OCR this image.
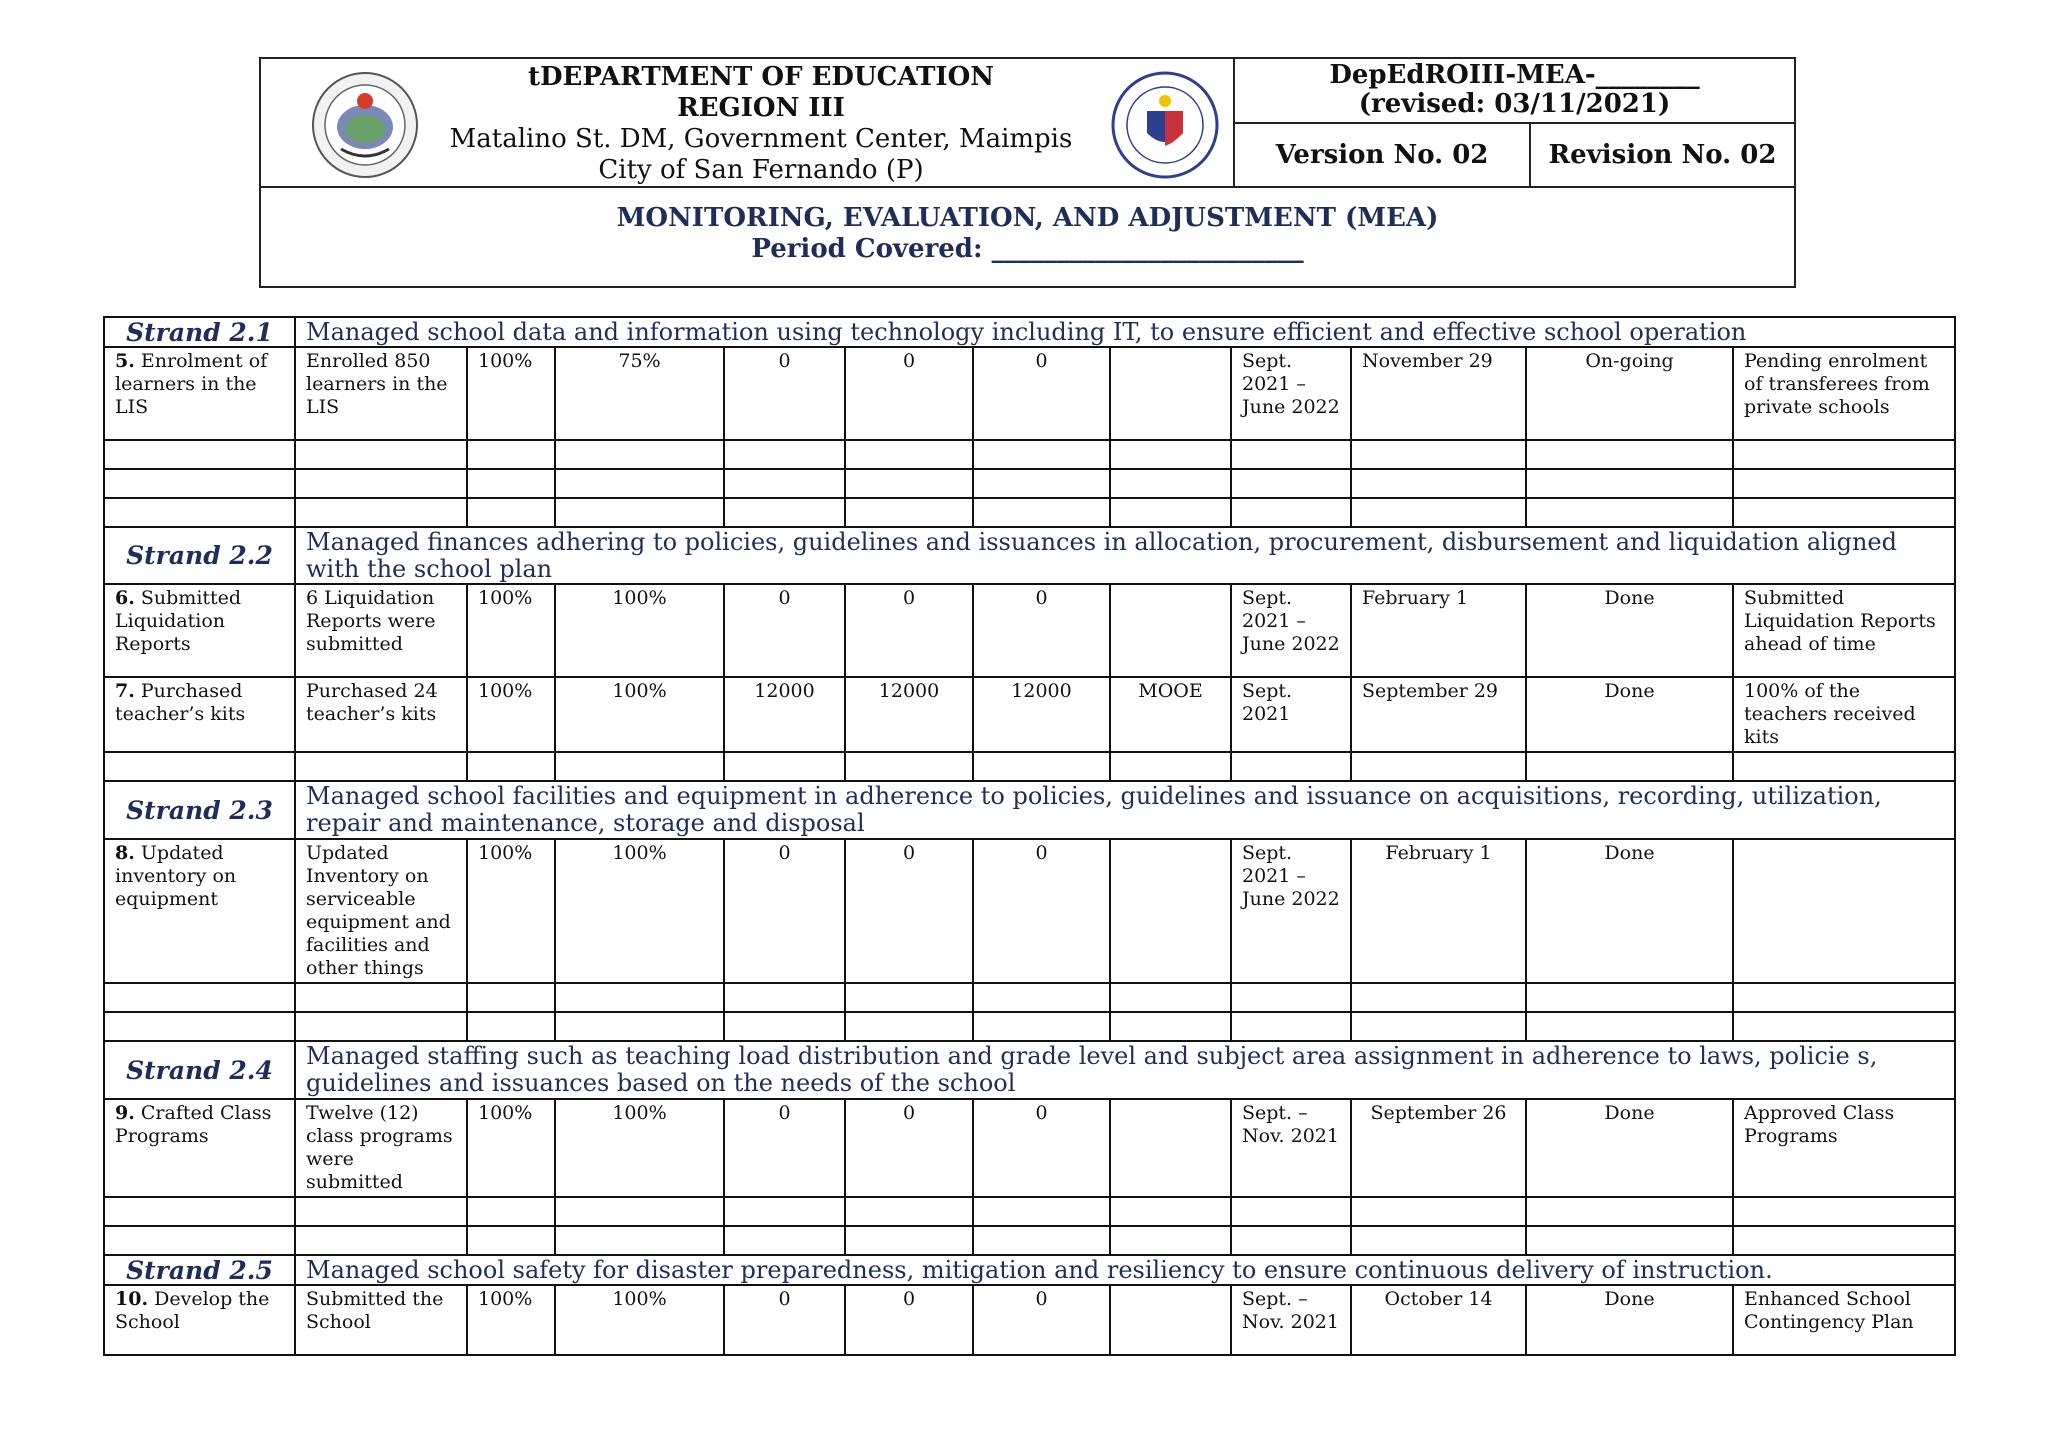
tDEPARTMENT OF EDUCATION
REGION III
Matalino St. DM, Government Center, Maimpis
City of San Fernando (P)
DepEdROIII-MEA-________
(revised: 03/11/2021)
Version No. 02	Revision No. 02
MONITORING, EVALUATION, AND ADJUSTMENT (MEA)
Period Covered: ________________________
Strand 2.1	Managed school data and information using technology including IT, to ensure efficient and effective school operation										
5. Enrolment of learners in the LIS	Enrolled 850 learners in the LIS	100%	75%	0	0	0		Sept. 2021 – June 2022	November 29	On-going	Pending enrolment of transferees from private schools

Strand 2.2	Managed finances adhering to policies, guidelines and issuances in allocation, procurement, disbursement and liquidation aligned with the school plan										
6. Submitted Liquidation Reports	6 Liquidation Reports were submitted	100%	100%	0	0	0		Sept. 2021 – June 2022	February 1	Done	Submitted Liquidation Reports ahead of time
7. Purchased teacher’s kits	Purchased 24 teacher’s kits	100%	100%	12000	12000	12000	MOOE	Sept. 2021	September 29	Done	100% of the teachers received kits

Strand 2.3	Managed school facilities and equipment in adherence to policies, guidelines and issuance on acquisitions, recording, utilization, repair and maintenance, storage and disposal										
8. Updated inventory on equipment	Updated Inventory on serviceable equipment and facilities and other things	100%	100%	0	0	0		Sept. 2021 – June 2022	February 1	Done	

Strand 2.4	Managed staffing such as teaching load distribution and grade level and subject area assignment in adherence to laws, policie s, guidelines and issuances based on the needs of the school										
9. Crafted Class Programs	Twelve (12) class programs were submitted	100%	100%	0	0	0		Sept. – Nov. 2021	September 26	Done	Approved Class Programs

Strand 2.5	Managed school safety for disaster preparedness, mitigation and resiliency to ensure continuous delivery of instruction.										
10. Develop the School	Submitted the School	100%	100%	0	0	0		Sept. – Nov. 2021	October 14	Done	Enhanced School Contingency Plan
